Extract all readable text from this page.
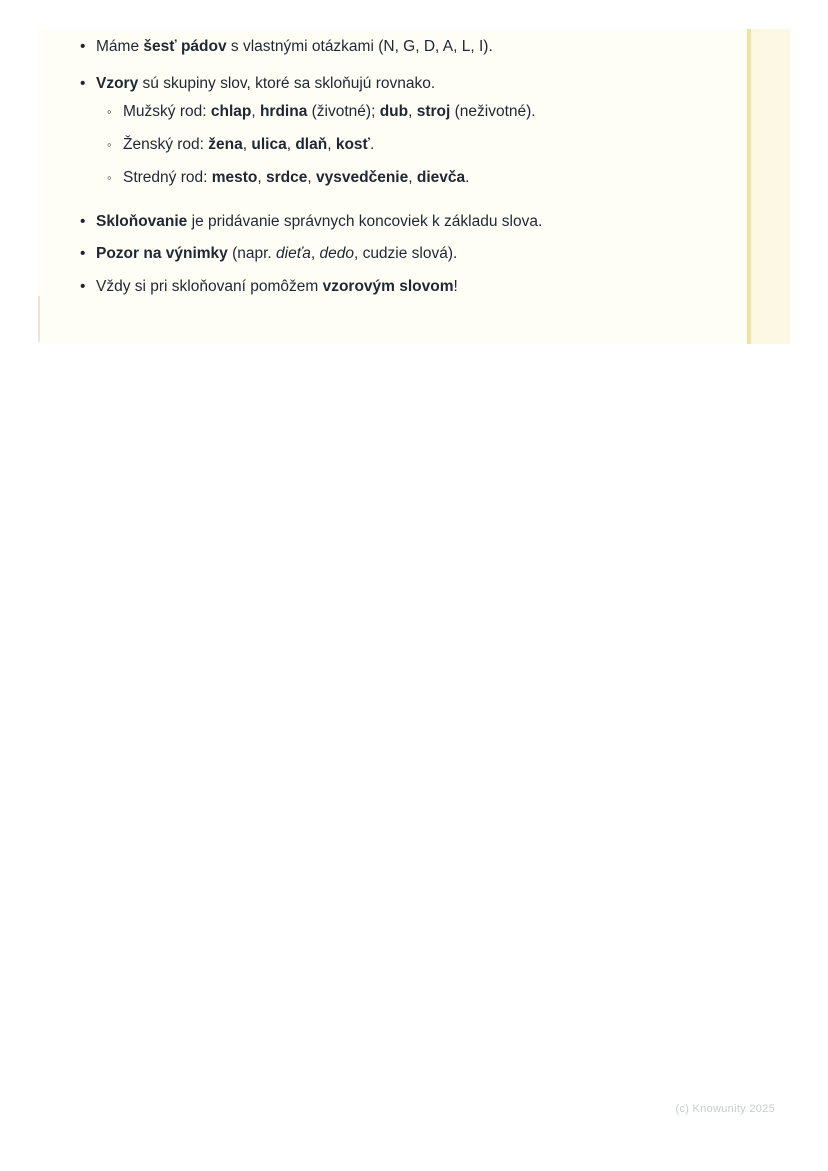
• Máme šesť pádov s vlastnými otázkami (N, G, D, A, L, I).
• Vzory sú skupiny slov, ktoré sa skloňujú rovnako.
◦ Mužský rod: chlap, hrdina (životné); dub, stroj (neživotné).
◦ Ženský rod: žena, ulica, dlaň, kosť.
◦ Stredný rod: mesto, srdce, vysvedčenie, dievča.
• Skloňovanie je pridávanie správnych koncoviek k základu slova.
• Pozor na výnimky (napr. dieťa, dedo, cudzie slová).
• Vždy si pri skloňovaní pomôžem vzorovým slovom!
(c) Knowunity 2025
